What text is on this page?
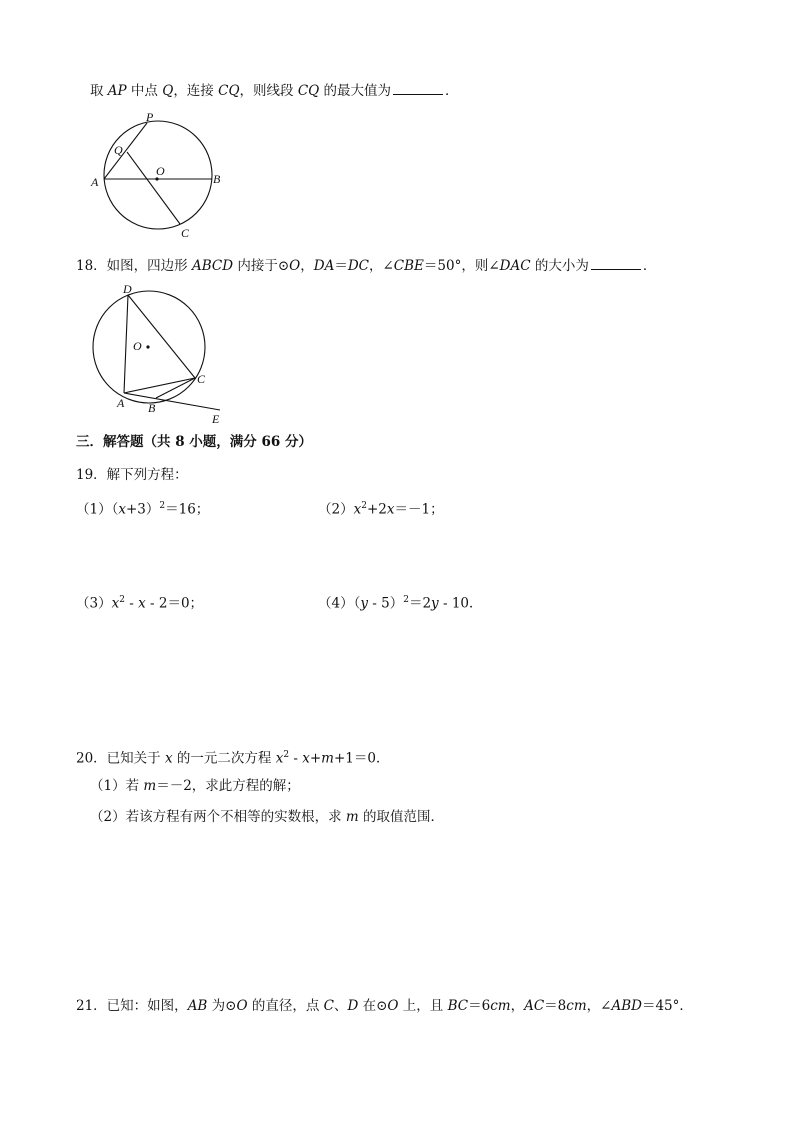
取 AP 中点 Q，连接 CQ，则线段 CQ 的最大值为	．
P
Q
O
A	B
C
18．如图，四边形 ABCD 内接于⊙O，DA＝DC，∠CBE＝50°，则∠DAC 的大小为	．
D
O
C
A B
E
三．解答题（共 8 小题，满分 66 分）
19．解下列方程：
$(1)(x+3)^2=16$；	$(2)x^2+2x=-1$；
$(3)x^2 - x - 2=0$；	（4）（y - 5）$^2$＝2y - 10．
20．已知关于 x 的一元二次方程 $x^2 - x+m+1=0$．
（1）若 m＝－2，求此方程的解；
（2）若该方程有两个不相等的实数根，求 m 的取值范围．
21．已知：如图，AB 为⊙O 的直径，点 C、D 在⊙O 上，且 BC＝6cm，AC＝8cm，∠ABD＝45°．
